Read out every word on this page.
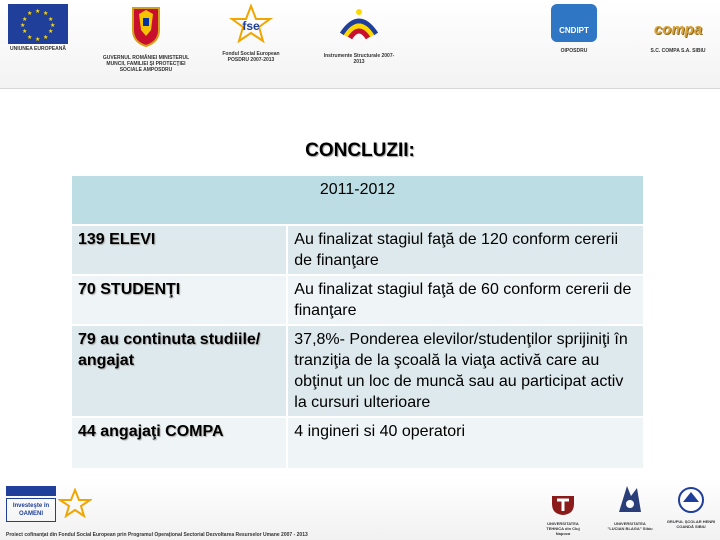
★ ★
★
★
★
★
★
★
★
★
★
★
UNIUNEA EUROPEANĂ
GUVERNUL ROMÂNIEI MINISTERUL MUNCII, FAMILIEI ŞI PROTECŢIEI SOCIALE AMPOSDRU
fse
Fondul Social European POSDRU 2007-2013
Instrumente Structurale 2007-2013
CNDIPT
OIPOSDRU
compa
S.C. COMPA S.A. SIBIU
CONCLUZII:
2011-2012	
139 ELEVI	Au finalizat stagiul faţă de 120 conform cererii de finanţare
70 STUDENŢI	Au finalizat stagiul faţă de 60 conform cererii de finanţare
79 au continuta studiile/ angajat	37,8%- Ponderea elevilor/studenţilor sprijiniţi în tranziţia de la şcoală la viaţa activă care au obţinut un loc de muncă sau au participat activ la cursuri ulterioare
44 angajaţi COMPA	4 ingineri si 40 operatori
Investeşte în OAMENI
UNIVERSITATEA TEHNICA din Cluj Napoca
UNIVERSITATEA "LUCIAN BLAGA" Sibiu
GRUPUL ŞCOLAR HENRI COANDĂ SIBIU
Proiect cofinanţat din Fondul Social European prin Programul Operaţional Sectorial Dezvoltarea Resurselor Umane 2007 - 2013
